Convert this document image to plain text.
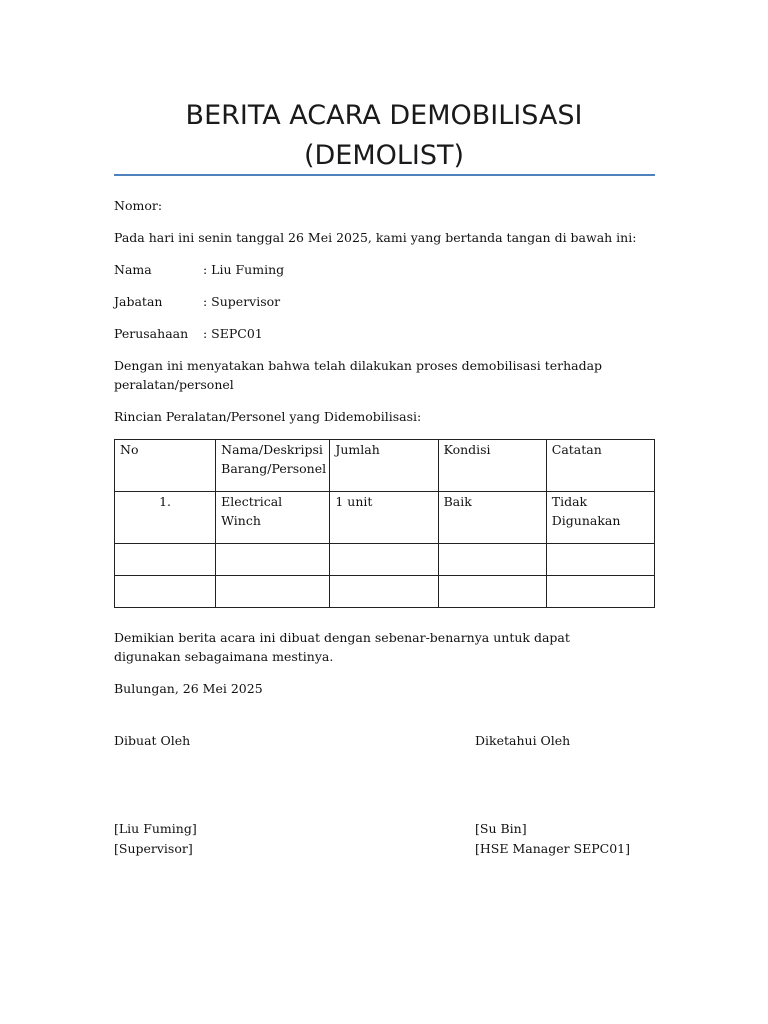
BERITA ACARA DEMOBILISASI
(DEMOLIST)
Nomor:
Pada hari ini senin tanggal 26 Mei 2025, kami yang bertanda tangan di bawah ini:
Nama	: Liu Fuming
Jabatan	: Supervisor
Perusahaan : SEPC01
Dengan ini menyatakan bahwa telah dilakukan proses demobilisasi terhadap peralatan/personel
Rincian Peralatan/Personel yang Didemobilisasi:
No	Nama/Deskripsi Barang/Personel	Jumlah	Kondisi	Catatan
1.	Electrical Winch	1 unit	Baik	Tidak Digunakan

Demikian berita acara ini dibuat dengan sebenar-benarnya untuk dapat digunakan sebagaimana mestinya.
Bulungan, 26 Mei 2025
Dibuat Oleh	Diketahui Oleh
[Liu Fuming]	[Su Bin]
[Supervisor]	[HSE Manager SEPC01]
